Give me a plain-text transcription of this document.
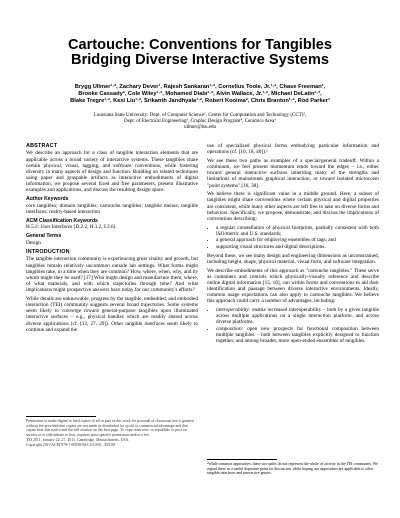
Cartouche: Conventions for Tangibles
Bridging Diverse Interactive Systems
Brygg Ullmer¹·², Zachary Dever¹, Rajesh Sankaran¹·², Cornelius Toole, Jr.¹·², Chase Freeman¹,
Brooke Cassady², Cole Wiley¹·², Mohamed Diabi¹·², Alvin Wallace, Jr.¹·², Michael DeLatin¹·³,
Blake Tregre¹·², Kexi Liu¹·², Srikanth Jandhyala¹·², Robert Kooima², Chris Branton¹·², Rod Parker³
Louisiana State University: Dept. of Computer Science¹, Center for Computation and Technology (CCT)²,
Dept. of Electrical Engineering³, Graphic Design Program⁴, Ceramics Area⁵
ullmer@lsu.edu
ABSTRACT

We describe an approach for a class of tangible interaction elements that are applicable across a broad variety of interactive systems. These tangibles share certain physical, visual, tagging, and software conventions, while fostering diversity in many aspects of design and function. Building on related techniques using paper and graspable artifacts as interactive embodiments of digital information, we propose several fixed and free parameters, present illustrative examples and applications, and discuss the resulting design space.

Author Keywords

core tangibles; domain tangibles; cartouche tangibles; tangible menus; tangible interfaces; reality-based interaction

ACM Classification Keywords

H.5.2: User Interfaces (D.2.2, H.1.2, I.3.6)

General Terms

Design

INTRODUCTION

The tangible interaction community is experiencing great vitality and growth, but tangibles remain relatively uncommon outside lab settings. What forms might tangibles take, in a time when they are common? How, where, when, why, and by whom might they be used? [17] Who might design and manufacture them, where, of what materials, and with which trajectories through time? And what implications might prospective answers have today for our community's efforts?

While details are unknowable, progress by the tangible, embedded, and embodied interaction (TEI) community suggests several broad trajectories. Some systems seem likely to converge toward general-purpose tangibles upon illuminated interactive surfaces – e.g., physical handles which are readily shared across diverse applications (cf. [12, 27, 29]). Other tangible interfaces seem likely to continue and expand the

Permission to make digital or hard copies of all or part of this work for personal or classroom use is granted without fee provided that copies are not made or distributed for profit or commercial advantage and that copies bear this notice and the full citation on the first page. To copy otherwise, or republish, to post on servers or to redistribute to lists, requires prior specific permission and/or a fee.
TEI 2011, January 24–27, 2011, Cambridge, Massachusetts, USA.
Copyright 2010 ACM 978-1-60558-841-4/10/01...$10.00.

use of specialized physical forms embodying particular information and operations (cf. [10, 18, 40]).¹

We see these two paths as examples of a special/general tradeoff. Within a continuum, we feel present momentum tends toward the edges – i.e., either toward general interactive surfaces inheriting many of the strengths and limitations of mainstream graphical interaction, or toward isolated microcosm "point systems" [16, 38].

We believe there is significant value in a middle ground. Here, a subset of tangibles might share conventions where certain physical and digital properties are consistent, while many other aspects are left free to take on diverse forms and behaviors. Specifically, we propose, demonstrate, and discuss the implications of conventions describing:

• a regular constellation of physical footprints, partially consistent with both ISO/metric and U.S. standards;
• a general approach for employing ensembles of tags; and
• supporting visual structures and digital descriptions.

Beyond these, we see many design and engineering dimensions as unconstrained, including height, shape, physical material, visual form, and software integration.

We describe embodiments of this approach as "cartouche tangibles." These serve as containers and controls which physically-visually reference and describe online digital information [15, 18], can within forms and conventions to aid their identification and passage between diverse interactive environments. Ideally, common usage expectations can also apply to cartouche tangibles. We believe this approach could carry a number of advantages, including:

• interoperability: enable increased interoperability – both by a given tangible across multiple applications on a single interaction platform, and across diverse platforms.
• composition: open new prospects for functional composition between multiple tangibles – both between tangibles explicitly designed to function together, and among broader, more open-ended ensembles of tangibles.
¹While common approaches, these two paths do not represent the whole of activity in the TEI community. We regard these as a useful departure point for discussion, while hoping our approaches are applicable to other tangible interfaces and interactive genres.
